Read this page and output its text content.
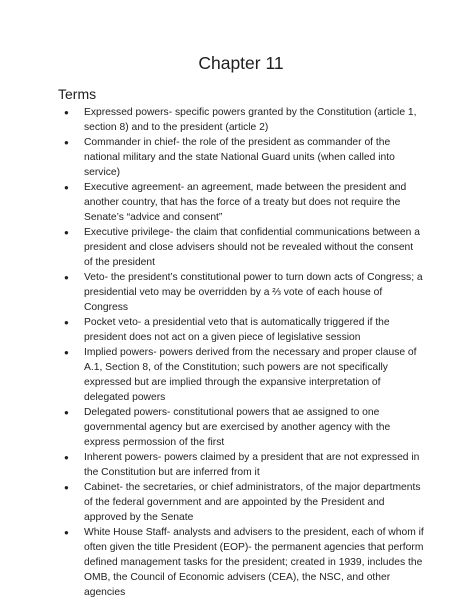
Chapter 11
Terms
● Expressed powers- specific powers granted by the Constitution (article 1, section 8) and to the president (article 2)
● Commander in chief- the role of the president as commander of the national military and the state National Guard units (when called into service)
● Executive agreement- an agreement, made between the president and another country, that has the force of a treaty but does not require the Senate’s “advice and consent”
● Executive privilege- the claim that confidential communications between a president and close advisers should not be revealed without the consent of the president
● Veto- the president’s constitutional power to turn down acts of Congress; a presidential veto may be overridden by a ⅔ vote of each house of Congress
● Pocket veto- a presidential veto that is automatically triggered if the president does not act on a given piece of legislative session
● Implied powers- powers derived from the necessary and proper clause of A.1, Section 8, of the Constitution; such powers are not specifically expressed but are implied through the expansive interpretation of delegated powers
● Delegated powers- constitutional powers that ae assigned to one governmental agency but are exercised by another agency with the express permossion of the first
● Inherent powers- powers claimed by a president that are not expressed in the Constitution but are inferred from it
● Cabinet- the secretaries, or chief administrators, of the major departments of the federal government and are appointed by the President and approved by the Senate
● White House Staff- analysts and advisers to the president, each of whom if often given the title President (EOP)- the permanent agencies that perform defined management tasks for the president; created in 1939, includes the OMB, the Council of Economic advisers (CEA), the NSC, and other agencies
